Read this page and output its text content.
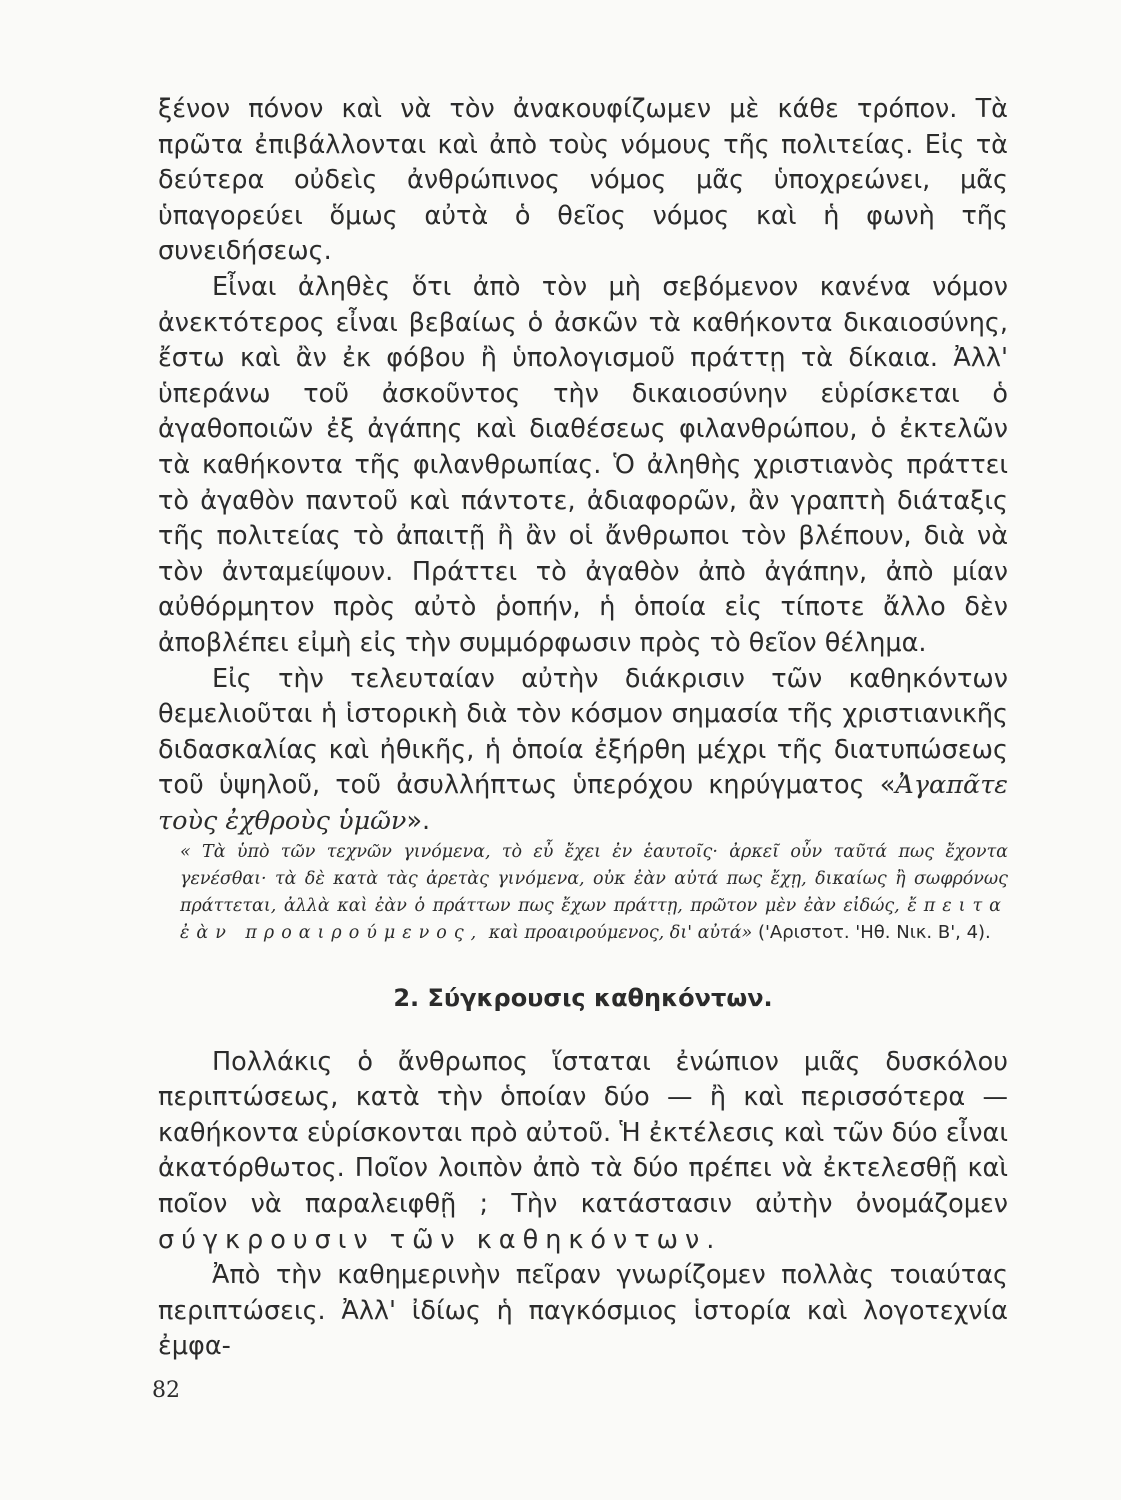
ξένον πόνον καὶ νὰ τὸν ἀνακουφίζωμεν μὲ κάθε τρόπον. Τὰ πρῶτα ἐπιβάλλονται καὶ ἀπὸ τοὺς νόμους τῆς πολιτείας. Εἰς τὰ δεύτερα οὐδεὶς ἀνθρώπινος νόμος μᾶς ὑποχρεώνει, μᾶς ὑπαγορεύει ὅμως αὐτὰ ὁ θεῖος νόμος καὶ ἡ φωνὴ τῆς συνειδήσεως.

Εἶναι ἀληθὲς ὅτι ἀπὸ τὸν μὴ σεβόμενον κανένα νόμον ἀνεκτότερος εἶναι βεβαίως ὁ ἀσκῶν τὰ καθήκοντα δικαιοσύνης, ἔστω καὶ ἂν ἐκ φόβου ἢ ὑπολογισμοῦ πράττῃ τὰ δίκαια. Ἀλλ' ὑπεράνω τοῦ ἀσκοῦντος τὴν δικαιοσύνην εὑρίσκεται ὁ ἀγαθοποιῶν ἐξ ἀγάπης καὶ διαθέσεως φιλανθρώπου, ὁ ἐκτελῶν τὰ καθήκοντα τῆς φιλανθρωπίας. Ὁ ἀληθὴς χριστιανὸς πράττει τὸ ἀγαθὸν παντοῦ καὶ πάντοτε, ἀδιαφορῶν, ἂν γραπτὴ διάταξις τῆς πολιτείας τὸ ἀπαιτῇ ἢ ἂν οἱ ἄνθρωποι τὸν βλέπουν, διὰ νὰ τὸν ἀνταμείψουν. Πράττει τὸ ἀγαθὸν ἀπὸ ἀγάπην, ἀπὸ μίαν αὐθόρμητον πρὸς αὐτὸ ῥοπήν, ἡ ὁποία εἰς τίποτε ἄλλο δὲν ἀποβλέπει εἰμὴ εἰς τὴν συμμόρφωσιν πρὸς τὸ θεῖον θέλημα.

Εἰς τὴν τελευταίαν αὐτὴν διάκρισιν τῶν καθηκόντων θεμελιοῦται ἡ ἱστορικὴ διὰ τὸν κόσμον σημασία τῆς χριστιανικῆς διδασκαλίας καὶ ἠθικῆς, ἡ ὁποία ἐξήρθη μέχρι τῆς διατυπώσεως τοῦ ὑψηλοῦ, τοῦ ἀσυλλήπτως ὑπερόχου κηρύγματος «Ἀγαπᾶτε τοὺς ἐχθροὺς ὑμῶν».

« Τὰ ὑπὸ τῶν τεχνῶν γινόμενα, τὸ εὖ ἔχει ἐν ἑαυτοῖς· ἀρκεῖ οὖν ταῦτά πως ἔχοντα γενέσθαι· τὰ δὲ κατὰ τὰς ἀρετὰς γινόμενα, οὐκ ἐὰν αὐτά πως ἔχῃ, δικαίως ἢ σωφρόνως πράττεται, ἀλλὰ καὶ ἐὰν ὁ πράττων πως ἔχων πράττῃ, πρῶτον μὲν ἐὰν εἰδώς, ἔπειτα ἐὰν προαιρούμενος, καὶ προαιρούμενος, δι' αὐτά» ('Αριστοτ. 'Ηθ. Νικ. Β', 4).

2. Σύγκρουσις καθηκόντων.

Πολλάκις ὁ ἄνθρωπος ἵσταται ἐνώπιον μιᾶς δυσκόλου περιπτώσεως, κατὰ τὴν ὁποίαν δύο — ἢ καὶ περισσότερα — καθήκοντα εὑρίσκονται πρὸ αὐτοῦ. Ἡ ἐκτέλεσις καὶ τῶν δύο εἶναι ἀκατόρθωτος. Ποῖον λοιπὸν ἀπὸ τὰ δύο πρέπει νὰ ἐκτελεσθῇ καὶ ποῖον νὰ παραλειφθῇ ; Τὴν κατάστασιν αὐτὴν ὀνομάζομεν σύγκρουσιν τῶν καθηκόντων.

Ἀπὸ τὴν καθημερινὴν πεῖραν γνωρίζομεν πολλὰς τοιαύτας περιπτώσεις. Ἀλλ' ἰδίως ἡ παγκόσμιος ἱστορία καὶ λογοτεχνία ἐμφα-

82
